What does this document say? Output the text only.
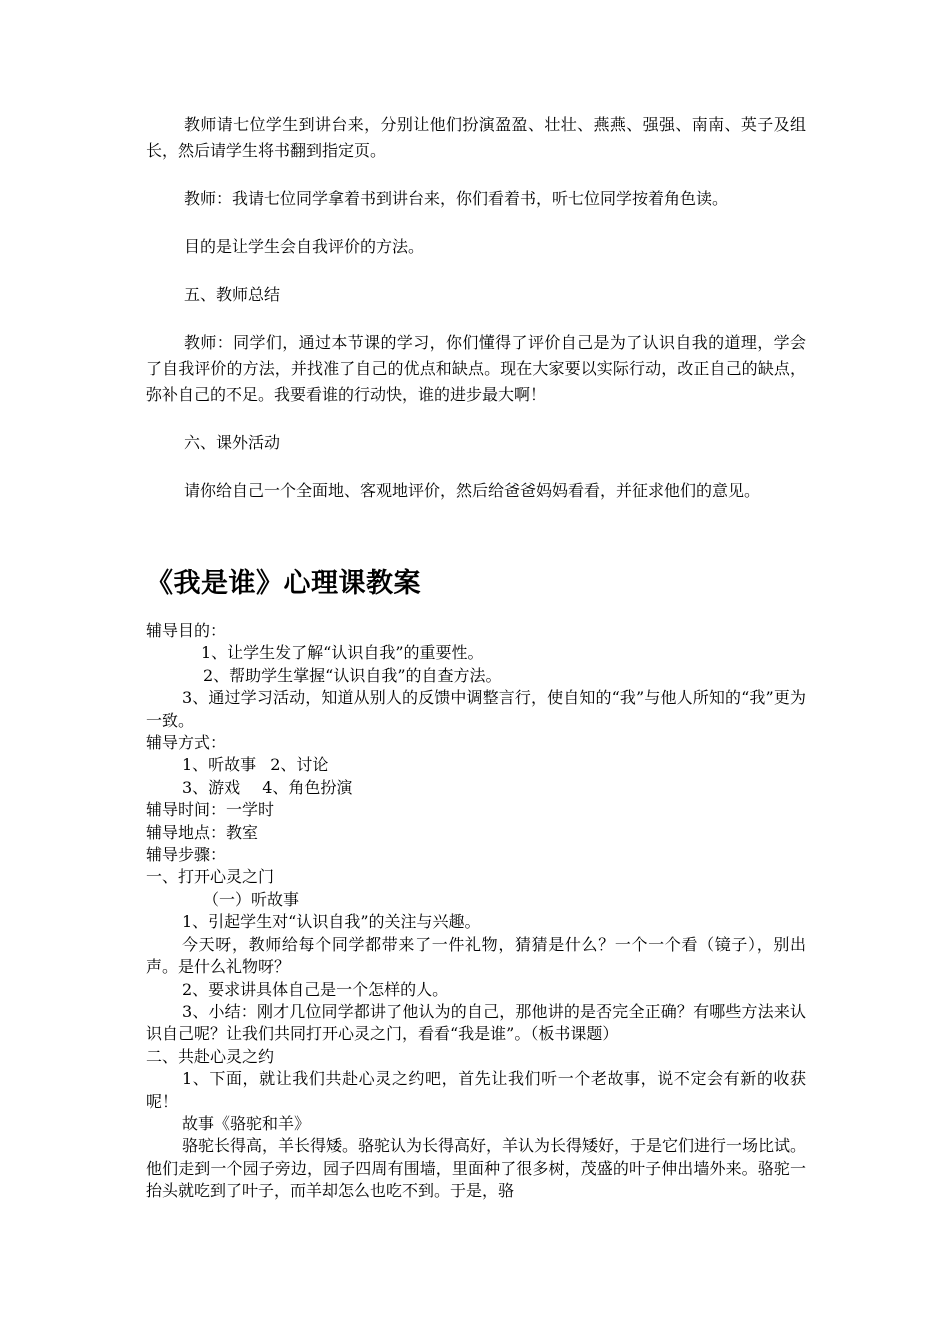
教师请七位学生到讲台来，分别让他们扮演盈盈、壮壮、燕燕、强强、南南、英子及组长，然后请学生将书翻到指定页。

教师：我请七位同学拿着书到讲台来，你们看着书，听七位同学按着角色读。

目的是让学生会自我评价的方法。

五、教师总结

教师：同学们，通过本节课的学习，你们懂得了评价自己是为了认识自我的道理，学会了自我评价的方法，并找准了自己的优点和缺点。现在大家要以实际行动，改正自己的缺点，弥补自己的不足。我要看谁的行动快，谁的进步最大啊！

六、课外活动

请你给自己一个全面地、客观地评价，然后给爸爸妈妈看看，并征求他们的意见。

《我是谁》心理课教案

辅导目的：

1、让学生发了解“认识自我”的重要性。

2、帮助学生掌握“认识自我”的自查方法。

3、通过学习活动，知道从别人的反馈中调整言行，使自知的“我”与他人所知的“我”更为一致。

辅导方式：

1、听故事 2、讨论

3、游戏 4、角色扮演

辅导时间：一学时

辅导地点：教室

辅导步骤：

一、打开心灵之门

（一）听故事

1、引起学生对“认识自我”的关注与兴趣。

今天呀，教师给每个同学都带来了一件礼物，猜猜是什么？一个一个看（镜子），别出声。是什么礼物呀？

2、要求讲具体自己是一个怎样的人。

3、小结：刚才几位同学都讲了他认为的自己，那他讲的是否完全正确？有哪些方法来认识自己呢？让我们共同打开心灵之门，看看“我是谁”。（板书课题）

二、共赴心灵之约

1、下面，就让我们共赴心灵之约吧，首先让我们听一个老故事，说不定会有新的收获呢！

故事《骆驼和羊》

骆驼长得高，羊长得矮。骆驼认为长得高好，羊认为长得矮好，于是它们进行一场比试。他们走到一个园子旁边，园子四周有围墙，里面种了很多树，茂盛的叶子伸出墙外来。骆驼一抬头就吃到了叶子，而羊却怎么也吃不到。于是，骆
